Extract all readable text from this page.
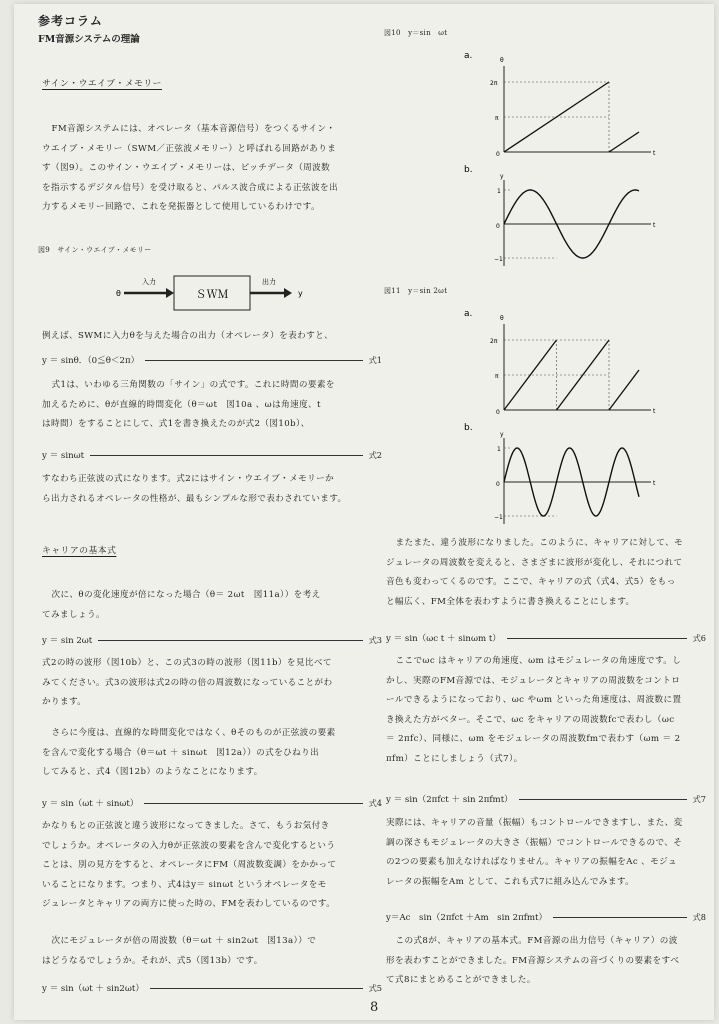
参考コラム
FM音源システムの理論
サイン・ウエイブ・メモリー

FM音源システムには、オペレータ（基本音源信号）をつくるサイン・

ウエイブ・メモリー（SWM／正弦波メモリー）と呼ばれる回路がありま

す（図9）。このサイン・ウエイブ・メモリーは、ピッチデータ（周波数

を指示するデジタル信号）を受け取ると、パルス波合成による正弦波を出

力するメモリー回路で、これを発振器として使用しているわけです。

図9　サイン・ウエイブ・メモリー
θ
入力
ＳＷＭ
出力
y

例えば、SWMに入力θを与えた場合の出力（オペレータ）を表わすと、

y ＝ sinθ．（0≦θ＜2π）	式1

式1は、いわゆる三角関数の「サイン」の式です。これに時間の要素を

加えるために、θが直線的時間変化（θ＝ωt　図10a 、ωは角速度、t

は時間）をすることにして、式1を書き換えたのが式2（図10b）、

y ＝ sinωt	式2

すなわち正弦波の式になります。式2にはサイン・ウエイブ・メモリーか

ら出力されるオペレータの性格が、最もシンプルな形で表わされています。

キャリアの基本式

次に、θの変化速度が倍になった場合（θ＝ 2ωt　図11a））を考え

てみましょう。

y ＝ sin 2ωt	式3

式2の時の波形（図10b）と、この式3の時の波形（図11b）を見比べて

みてください。式3の波形は式2の時の倍の周波数になっていることがわ

かります。

さらに今度は、直線的な時間変化ではなく、θそのものが正弦波の要素

を含んで変化する場合（θ＝ωt ＋ sinωt　図12a））の式をひねり出

してみると、式4（図12b）のようなことになります。

y ＝ sin（ωt ＋ sinωt）	式4

かなりもとの正弦波と違う波形になってきました。さて、もうお気付き

でしょうか。オペレータの入力θが正弦波の要素を含んで変化するという

ことは、別の見方をすると、オペレータにFM（周波数変調）をかかって

いることになります。つまり、式4はy＝ sinωt というオペレータをモ

ジュレータとキャリアの両方に使った時の、FMを表わしているのです。

次にモジュレータが倍の周波数（θ＝ωt ＋ sin2ωt　図13a））で

はどうなるでしょうか。それが、式5（図13b）です。

y ＝ sin（ωt ＋ sin2ωt）	式5
図10　y＝sin　ωt
a.	θ
t
2π
π
0
b.
y
t
1
−1
0
図11　y＝sin 2ωt
a.	θ
t
2π
π
0
b.
y
t
1
−1
0

またまた、違う波形になりました。このように、キャリアに対して、モ

ジュレータの周波数を変えると、さまざまに波形が変化し、それにつれて

音色も変わってくるのです。ここで、キャリアの式（式4、式5）をもっ

と幅広く、FM全体を表わすように書き換えることにします。

y ＝ sin（ωc t ＋ sinωm t）	式6

ここでωc はキャリアの角速度、ωm はモジュレータの角速度です。し

かし、実際のFM音源では、モジュレータとキャリアの周波数をコントロ

ールできるようになっており、ωc やωm といった角速度は、周波数に置

き換えた方がベター。そこで、ωc をキャリアの周波数fcで表わし（ωc

＝ 2πfc）、同様に、ωm をモジュレータの周波数fmで表わす（ωm ＝ 2

πfm）ことにしましょう（式7）。

y ＝ sin（2πfct ＋ sin 2πfmt）	式7

実際には、キャリアの音量（振幅）もコントロールできますし、また、変

調の深さもモジュレータの大きさ（振幅）でコントロールできるので、そ

の2つの要素も加えなければなりません。キャリアの振幅をAc 、モジュ

レータの振幅をAm として、これも式7に組み込んでみます。

y＝Ac　sin（2πfct ＋Am　sin 2πfmt）	式8

この式8が、キャリアの基本式。FM音源の出力信号（キャリア）の波

形を表わすことができました。FM音源システムの音づくりの要素をすべ

て式8にまとめることができました。

8
